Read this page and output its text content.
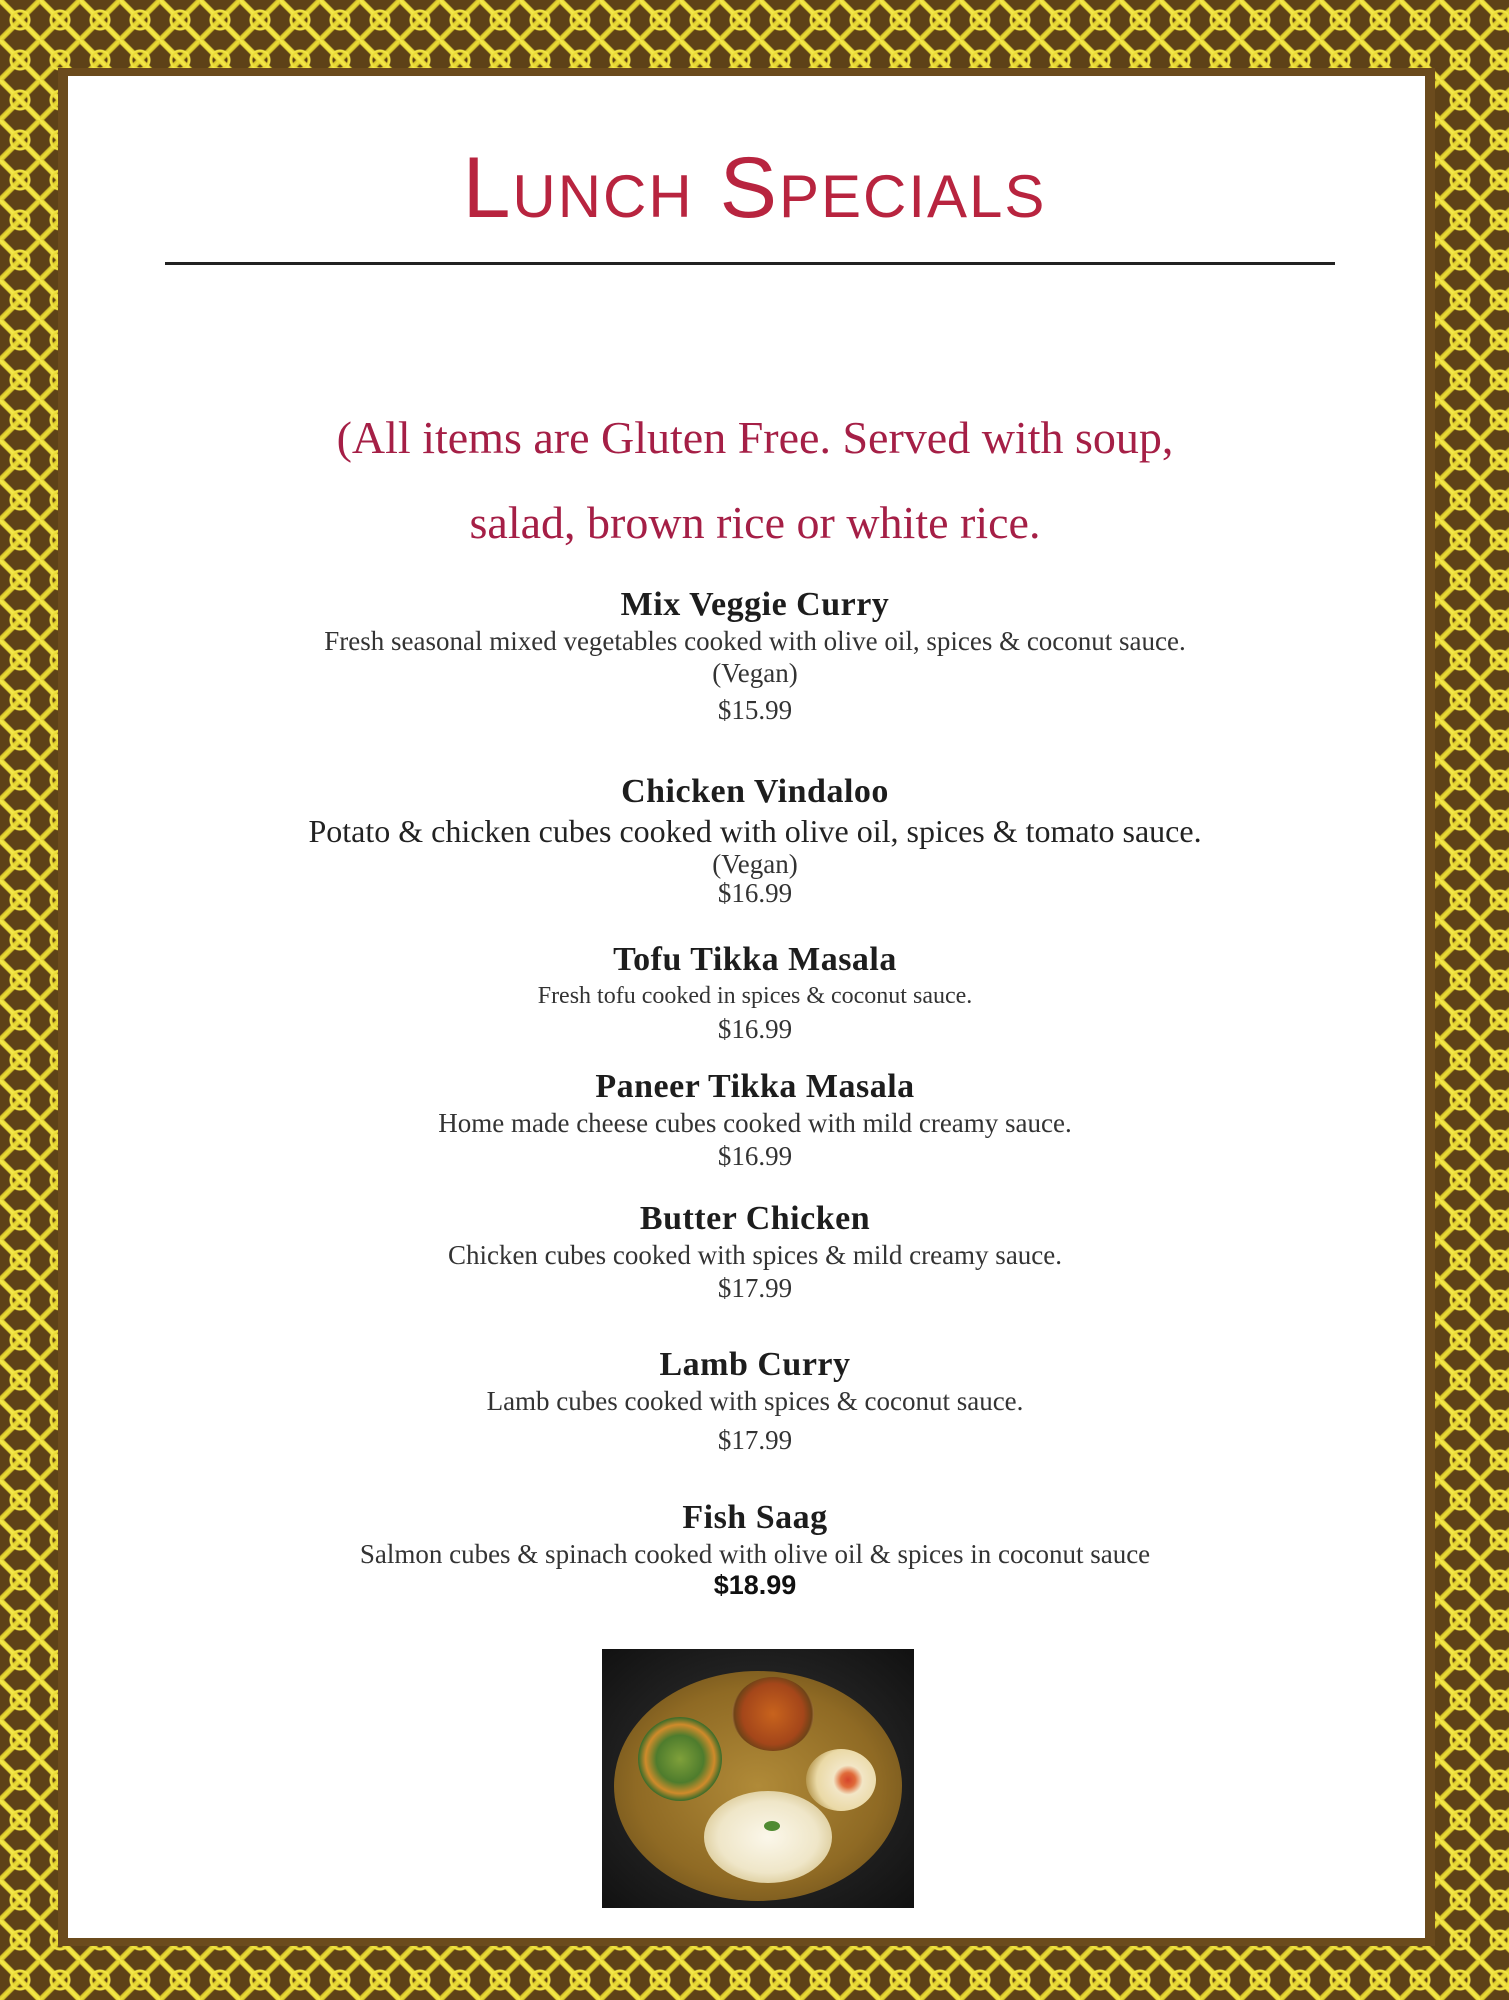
Lunch Specials
(All items are Gluten Free. Served with soup,
salad, brown rice or white rice.
Mix Veggie Curry
Fresh seasonal mixed vegetables cooked with olive oil, spices & coconut sauce.
(Vegan)
$15.99
Chicken Vindaloo
Potato & chicken cubes cooked with olive oil, spices & tomato sauce.
(Vegan)
$16.99
Tofu Tikka Masala
Fresh tofu cooked in spices & coconut sauce.
$16.99
Paneer Tikka Masala
Home made cheese cubes cooked with mild creamy sauce.
$16.99
Butter Chicken
Chicken cubes cooked with spices & mild creamy sauce.
$17.99
Lamb Curry
Lamb cubes cooked with spices & coconut sauce.
$17.99
Fish Saag
Salmon cubes & spinach cooked with olive oil & spices in coconut sauce
$18.99
